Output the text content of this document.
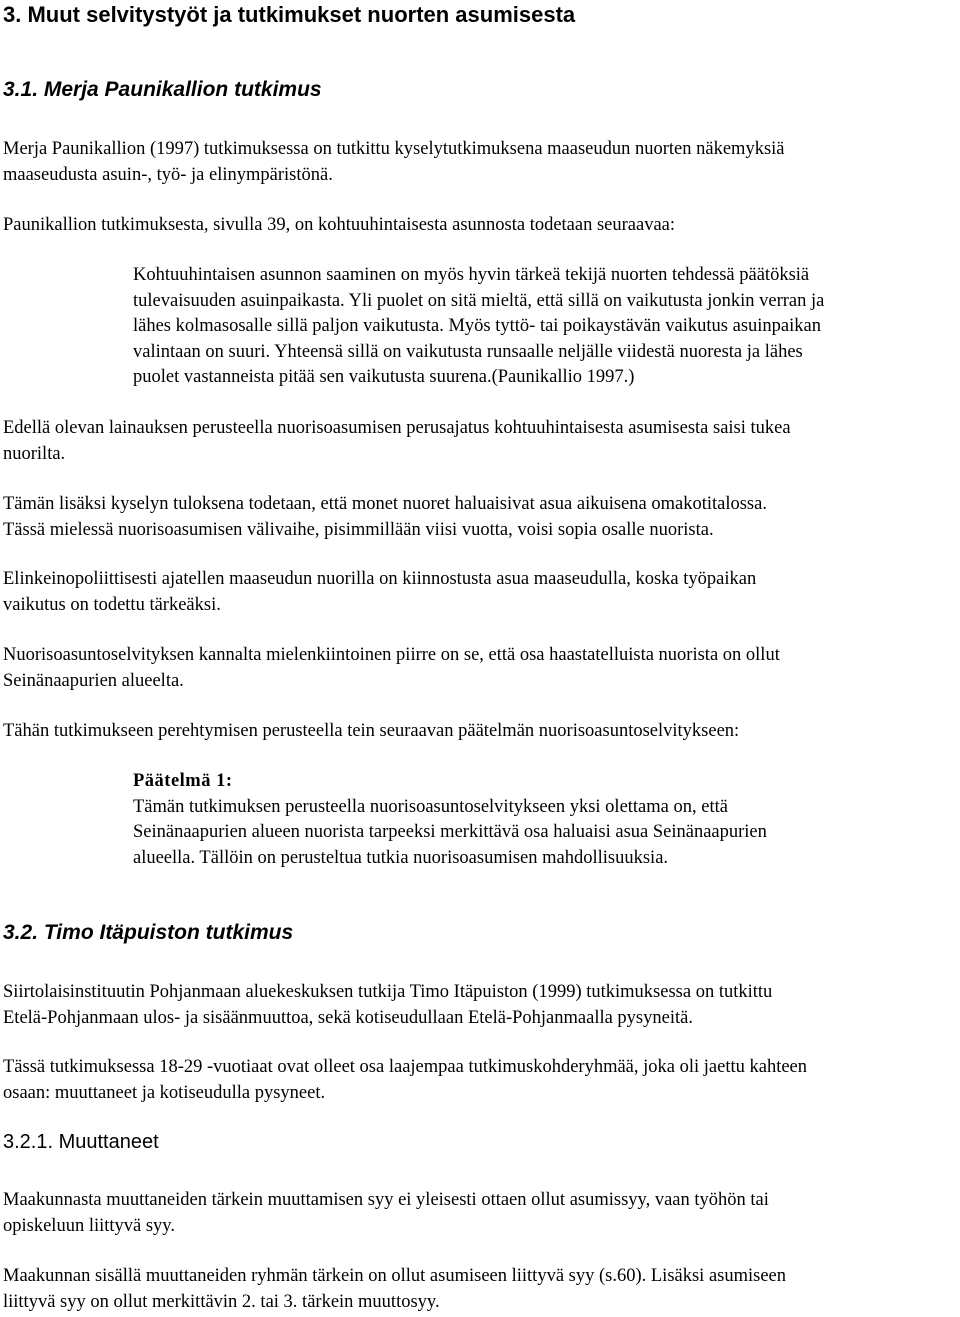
3. Muut selvitystyöt ja tutkimukset nuorten asumisesta
3.1. Merja Paunikallion tutkimus

Merja Paunikallion (1997) tutkimuksessa on tutkittu kyselytutkimuksena maaseudun nuorten näkemyksiä
maaseudusta asuin-, työ- ja elinympäristönä.

Paunikallion tutkimuksesta, sivulla 39, on kohtuuhintaisesta asunnosta todetaan seuraavaa:

Kohtuuhintaisen asunnon saaminen on myös hyvin tärkeä tekijä nuorten tehdessä päätöksiä
tulevaisuuden asuinpaikasta. Yli puolet on sitä mieltä, että sillä on vaikutusta jonkin verran ja
lähes kolmasosalle sillä paljon vaikutusta. Myös tyttö- tai poikaystävän vaikutus asuinpaikan
valintaan on suuri. Yhteensä sillä on vaikutusta runsaalle neljälle viidestä nuoresta ja lähes
puolet vastanneista pitää sen vaikutusta suurena.(Paunikallio 1997.)

Edellä olevan lainauksen perusteella nuorisoasumisen perusajatus kohtuuhintaisesta asumisesta saisi tukea
nuorilta.

Tämän lisäksi kyselyn tuloksena todetaan, että monet nuoret haluaisivat asua aikuisena omakotitalossa.
Tässä mielessä nuorisoasumisen välivaihe, pisimmillään viisi vuotta, voisi sopia osalle nuorista.

Elinkeinopoliittisesti ajatellen maaseudun nuorilla on kiinnostusta asua maaseudulla, koska työpaikan
vaikutus on todettu tärkeäksi.

Nuorisoasuntoselvityksen kannalta mielenkiintoinen piirre on se, että osa haastatelluista nuorista on ollut
Seinänaapurien alueelta.

Tähän tutkimukseen perehtymisen perusteella tein seuraavan päätelmän nuorisoasuntoselvitykseen:

Päätelmä 1:
Tämän tutkimuksen perusteella nuorisoasuntoselvitykseen yksi olettama on, että
Seinänaapurien alueen nuorista tarpeeksi merkittävä osa haluaisi asua Seinänaapurien
alueella. Tällöin on perusteltua tutkia nuorisoasumisen mahdollisuuksia.
3.2. Timo Itäpuiston tutkimus

Siirtolaisinstituutin Pohjanmaan aluekeskuksen tutkija Timo Itäpuiston (1999) tutkimuksessa on tutkittu
Etelä-Pohjanmaan ulos- ja sisäänmuuttoa, sekä kotiseudullaan Etelä-Pohjanmaalla pysyneitä.

Tässä tutkimuksessa 18-29 -vuotiaat ovat olleet osa laajempaa tutkimuskohderyhmää, joka oli jaettu kahteen
osaan: muuttaneet ja kotiseudulla pysyneet.

3.2.1. Muuttaneet

Maakunnasta muuttaneiden tärkein muuttamisen syy ei yleisesti ottaen ollut asumissyy, vaan työhön tai
opiskeluun liittyvä syy.

Maakunnan sisällä muuttaneiden ryhmän tärkein on ollut asumiseen liittyvä syy (s.60). Lisäksi asumiseen
liittyvä syy on ollut merkittävin 2. tai 3. tärkein muuttosyy.
